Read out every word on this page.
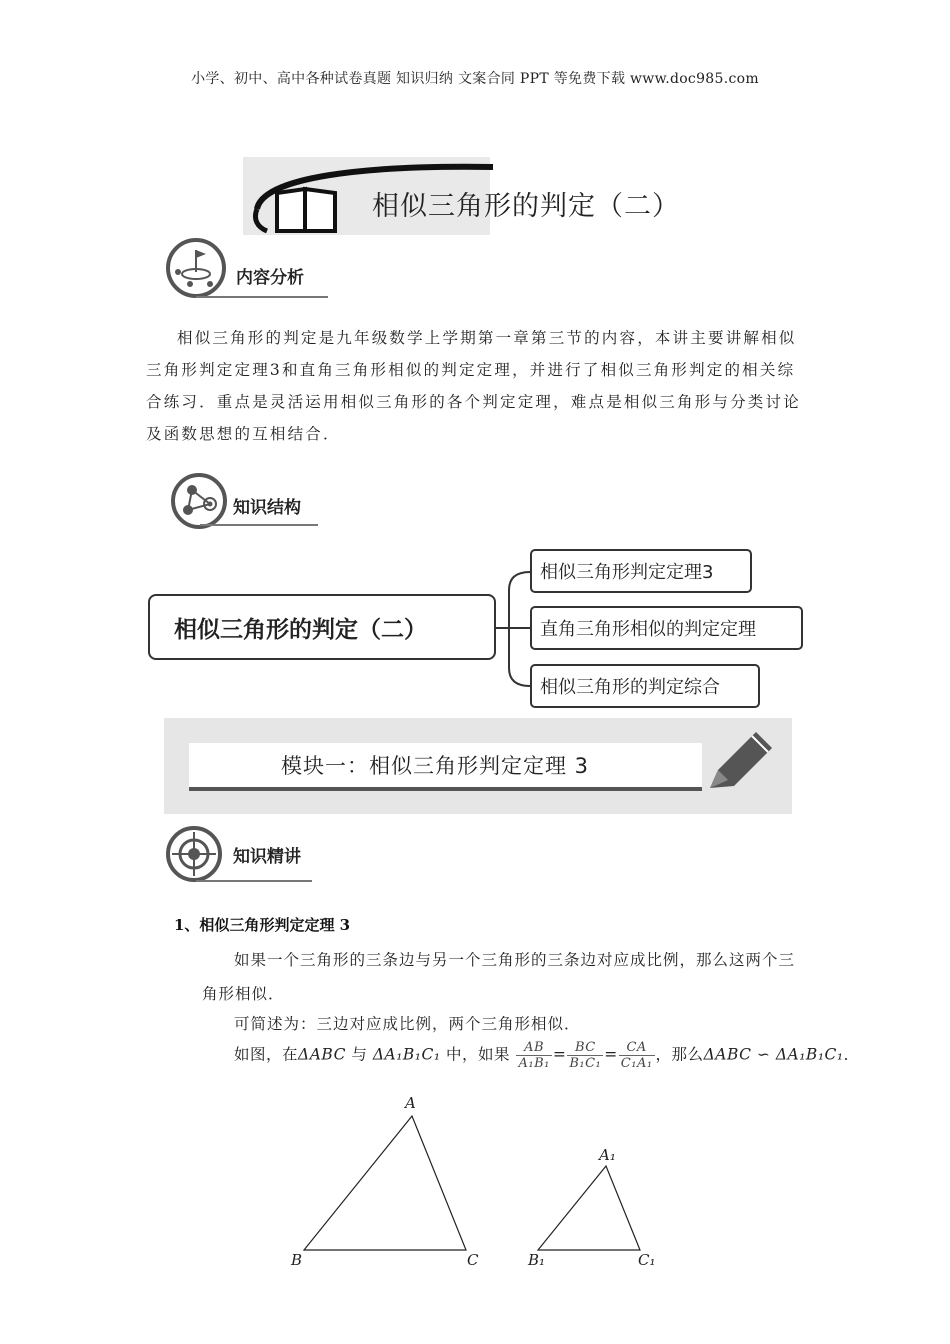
小学、初中、高中各种试卷真题 知识归纳 文案合同 PPT 等免费下载 www.doc985.com
相似三角形的判定（二）
内容分析
相似三角形的判定是九年级数学上学期第一章第三节的内容，本讲主要讲解相似三角形判定定理3和直角三角形相似的判定定理，并进行了相似三角形判定的相关综合练习．重点是灵活运用相似三角形的各个判定定理，难点是相似三角形与分类讨论及函数思想的互相结合．
知识结构
相似三角形的判定（二）
相似三角形判定定理3
直角三角形相似的判定定理
相似三角形的判定综合
模块一：相似三角形判定定理 3
知识精讲
1、相似三角形判定定理 3
如果一个三角形的三条边与另一个三角形的三条边对应成比例，那么这两个三
角形相似．
可简述为：三边对应成比例，两个三角形相似．
如图，在ΔABC 与 ΔA₁B₁C₁ 中，如果 $\frac{AB}{\text{A₁B₁}} = \frac{BC}{\text{B₁C₁}} = \frac{CA}{\text{C₁A₁}}$ ，那么ΔABC ∽ ΔA₁B₁C₁．
A
B	C
A₁
B₁	C₁
